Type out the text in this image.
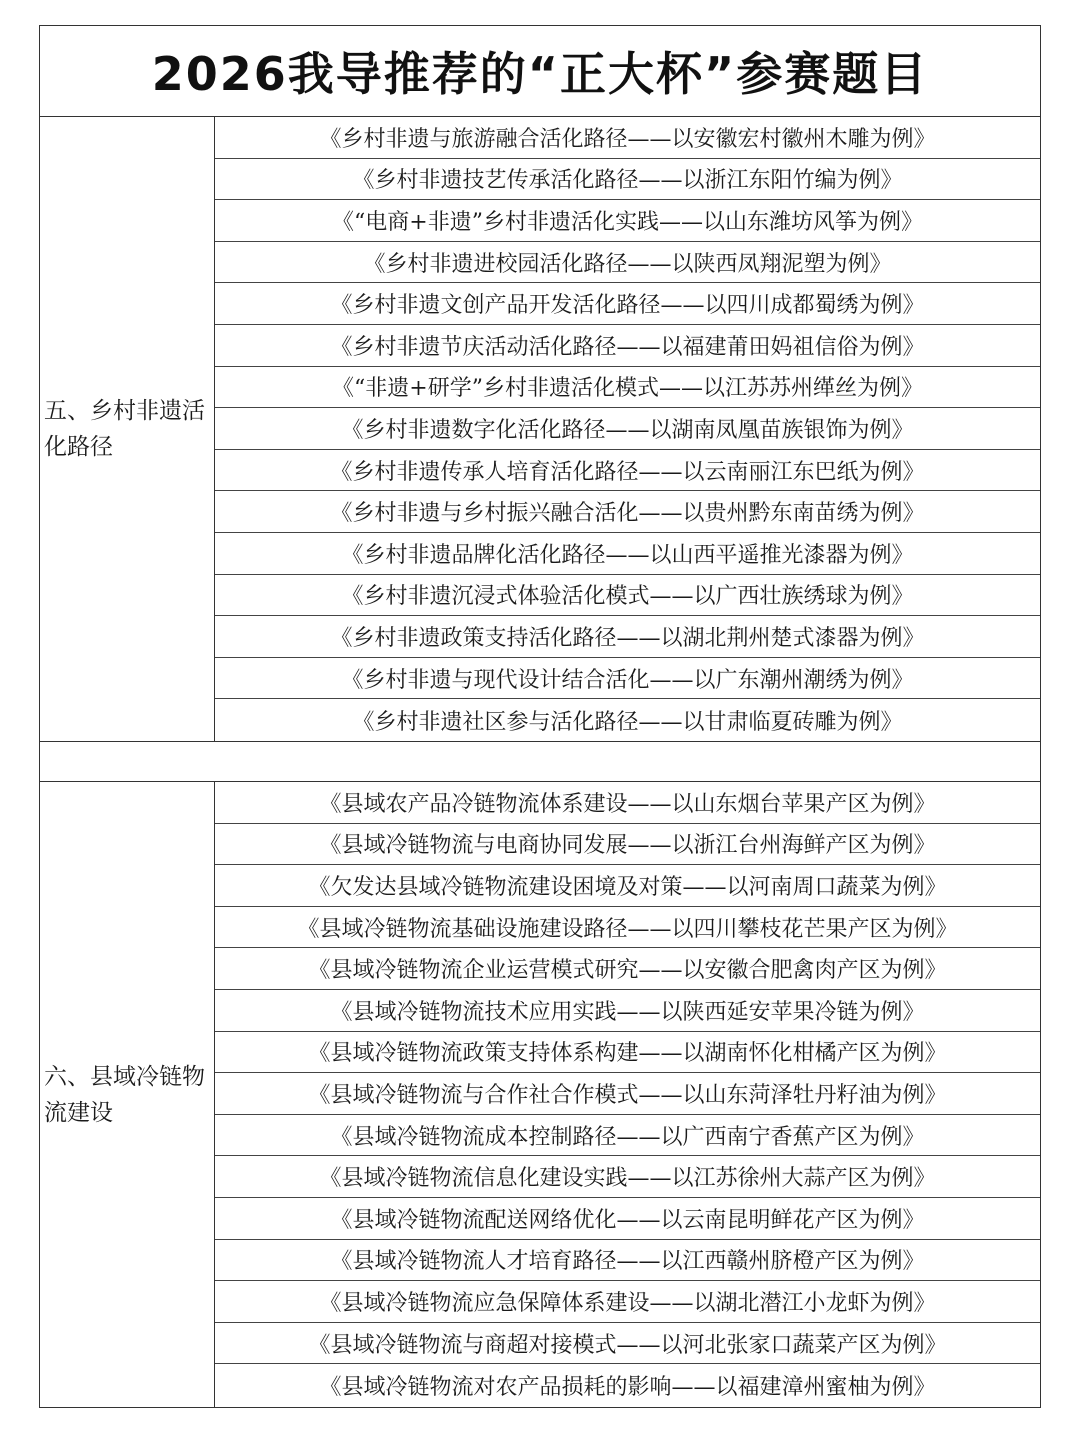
2026我导推荐的“正大杯”参赛题目
五、乡村非遗活化路径
《乡村非遗与旅游融合活化路径——以安徽宏村徽州木雕为例》
《乡村非遗技艺传承活化路径——以浙江东阳竹编为例》
《“电商+非遗”乡村非遗活化实践——以山东潍坊风筝为例》
《乡村非遗进校园活化路径——以陕西凤翔泥塑为例》
《乡村非遗文创产品开发活化路径——以四川成都蜀绣为例》
《乡村非遗节庆活动活化路径——以福建莆田妈祖信俗为例》
《“非遗+研学”乡村非遗活化模式——以江苏苏州缂丝为例》
《乡村非遗数字化活化路径——以湖南凤凰苗族银饰为例》
《乡村非遗传承人培育活化路径——以云南丽江东巴纸为例》
《乡村非遗与乡村振兴融合活化——以贵州黔东南苗绣为例》
《乡村非遗品牌化活化路径——以山西平遥推光漆器为例》
《乡村非遗沉浸式体验活化模式——以广西壮族绣球为例》
《乡村非遗政策支持活化路径——以湖北荆州楚式漆器为例》
《乡村非遗与现代设计结合活化——以广东潮州潮绣为例》
《乡村非遗社区参与活化路径——以甘肃临夏砖雕为例》
六、县域冷链物流建设
《县域农产品冷链物流体系建设——以山东烟台苹果产区为例》
《县域冷链物流与电商协同发展——以浙江台州海鲜产区为例》
《欠发达县域冷链物流建设困境及对策——以河南周口蔬菜为例》
《县域冷链物流基础设施建设路径——以四川攀枝花芒果产区为例》
《县域冷链物流企业运营模式研究——以安徽合肥禽肉产区为例》
《县域冷链物流技术应用实践——以陕西延安苹果冷链为例》
《县域冷链物流政策支持体系构建——以湖南怀化柑橘产区为例》
《县域冷链物流与合作社合作模式——以山东菏泽牡丹籽油为例》
《县域冷链物流成本控制路径——以广西南宁香蕉产区为例》
《县域冷链物流信息化建设实践——以江苏徐州大蒜产区为例》
《县域冷链物流配送网络优化——以云南昆明鲜花产区为例》
《县域冷链物流人才培育路径——以江西赣州脐橙产区为例》
《县域冷链物流应急保障体系建设——以湖北潜江小龙虾为例》
《县域冷链物流与商超对接模式——以河北张家口蔬菜产区为例》
《县域冷链物流对农产品损耗的影响——以福建漳州蜜柚为例》
